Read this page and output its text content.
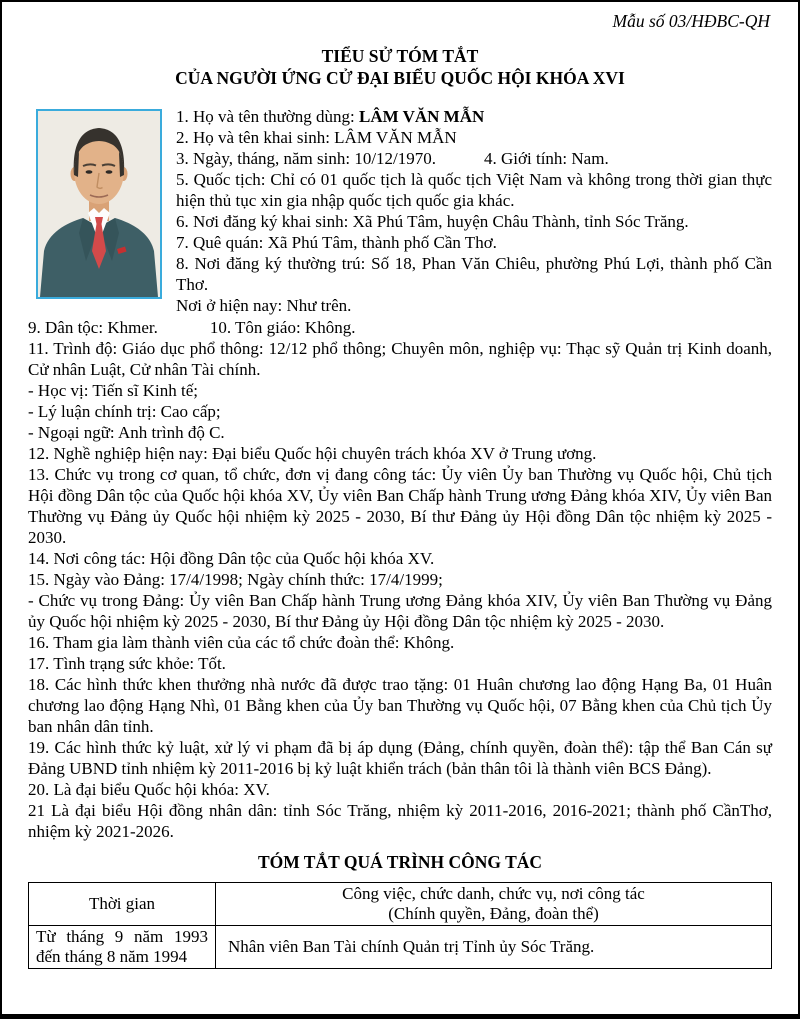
Mẫu số 03/HĐBC-QH
TIỂU SỬ TÓM TẮT
CỦA NGƯỜI ỨNG CỬ ĐẠI BIỂU QUỐC HỘI KHÓA XVI
1. Họ và tên thường dùng: LÂM VĂN MẪN
2. Họ và tên khai sinh: LÂM VĂN MẪN
3. Ngày, tháng, năm sinh: 10/12/1970.	4. Giới tính: Nam.
5. Quốc tịch: Chỉ có 01 quốc tịch là quốc tịch Việt Nam và không trong thời gian thực hiện thủ tục xin gia nhập quốc tịch quốc gia khác.
6. Nơi đăng ký khai sinh: Xã Phú Tâm, huyện Châu Thành, tỉnh Sóc Trăng.
7. Quê quán: Xã Phú Tâm, thành phố Cần Thơ.
8. Nơi đăng ký thường trú: Số 18, Phan Văn Chiêu, phường Phú Lợi, thành phố Cần Thơ.
Nơi ở hiện nay: Như trên.
9. Dân tộc: Khmer.	10. Tôn giáo: Không.
11. Trình độ: Giáo dục phổ thông: 12/12 phổ thông; Chuyên môn, nghiệp vụ: Thạc sỹ Quản trị Kinh doanh, Cử nhân Luật, Cử nhân Tài chính.
- Học vị: Tiến sĩ Kinh tế;
- Lý luận chính trị: Cao cấp;
- Ngoại ngữ: Anh trình độ C.
12. Nghề nghiệp hiện nay: Đại biểu Quốc hội chuyên trách khóa XV ở Trung ương.
13. Chức vụ trong cơ quan, tổ chức, đơn vị đang công tác: Ủy viên Ủy ban Thường vụ Quốc hội, Chủ tịch Hội đồng Dân tộc của Quốc hội khóa XV, Ủy viên Ban Chấp hành Trung ương Đảng khóa XIV, Ủy viên Ban Thường vụ Đảng ủy Quốc hội nhiệm kỳ 2025 - 2030, Bí thư Đảng ủy Hội đồng Dân tộc nhiệm kỳ 2025 - 2030.
14. Nơi công tác: Hội đồng Dân tộc của Quốc hội khóa XV.
15. Ngày vào Đảng: 17/4/1998; Ngày chính thức: 17/4/1999;
- Chức vụ trong Đảng: Ủy viên Ban Chấp hành Trung ương Đảng khóa XIV, Ủy viên Ban Thường vụ Đảng ủy Quốc hội nhiệm kỳ 2025 - 2030, Bí thư Đảng ủy Hội đồng Dân tộc nhiệm kỳ 2025 - 2030.
16. Tham gia làm thành viên của các tổ chức đoàn thể: Không.
17. Tình trạng sức khỏe: Tốt.
18. Các hình thức khen thưởng nhà nước đã được trao tặng: 01 Huân chương lao động Hạng Ba, 01 Huân chương lao động Hạng Nhì, 01 Bằng khen của Ủy ban Thường vụ Quốc hội, 07 Bằng khen của Chủ tịch Ủy ban nhân dân tỉnh.
19. Các hình thức kỷ luật, xử lý vi phạm đã bị áp dụng (Đảng, chính quyền, đoàn thể): tập thể Ban Cán sự Đảng UBND tỉnh nhiệm kỳ 2011-2016 bị kỷ luật khiển trách (bản thân tôi là thành viên BCS Đảng).
20. Là đại biểu Quốc hội khóa: XV.
21 Là đại biểu Hội đồng nhân dân: tỉnh Sóc Trăng, nhiệm kỳ 2011-2016, 2016-2021; thành phố CầnThơ, nhiệm kỳ 2021-2026.
TÓM TẮT QUÁ TRÌNH CÔNG TÁC
Thời gian	Công việc, chức danh, chức vụ, nơi công tác
(Chính quyền, Đảng, đoàn thể)

Từ tháng 9 năm 1993 đến tháng 8 năm 1994	Nhân viên Ban Tài chính Quản trị Tỉnh ủy Sóc Trăng.
